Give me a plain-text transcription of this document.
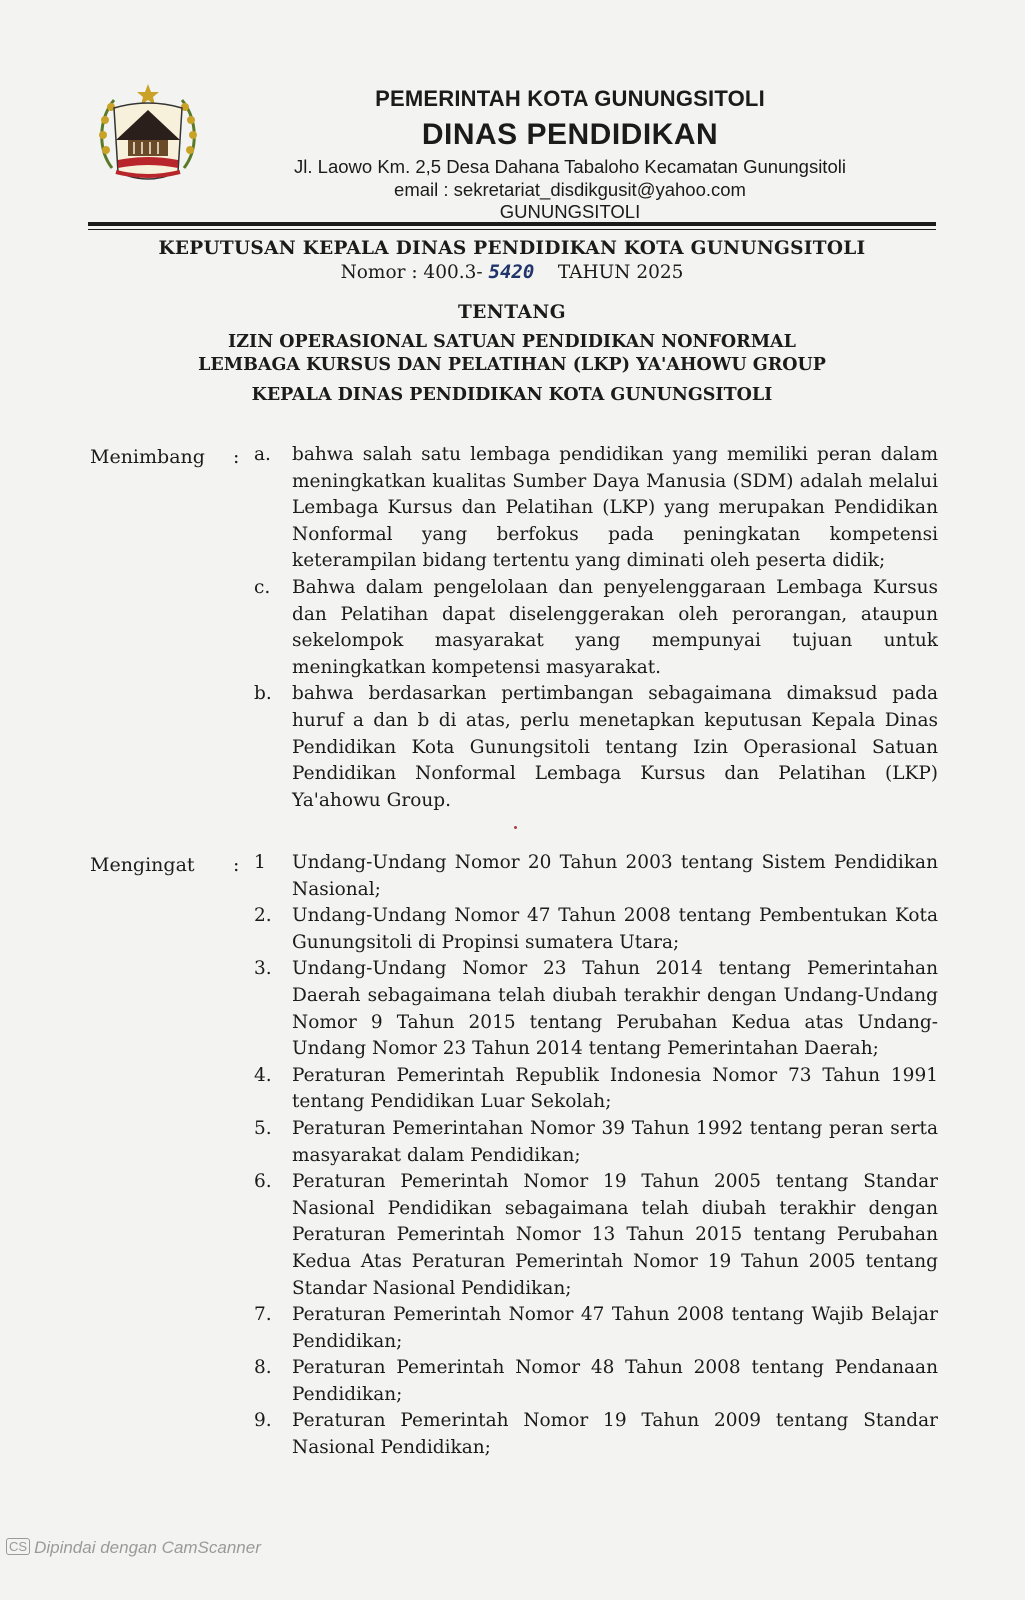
PEMERINTAH KOTA GUNUNGSITOLI
DINAS PENDIDIKAN
Jl. Laowo Km. 2,5 Desa Dahana Tabaloho Kecamatan Gunungsitoli
email : sekretariat_disdikgusit@yahoo.com
GUNUNGSITOLI
KEPUTUSAN KEPALA DINAS PENDIDIKAN KOTA GUNUNGSITOLI
Nomor : 400.3- 5420 TAHUN 2025
TENTANG
IZIN OPERASIONAL SATUAN PENDIDIKAN NONFORMAL
LEMBAGA KURSUS DAN PELATIHAN (LKP) YA'AHOWU GROUP
KEPALA DINAS PENDIDIKAN KOTA GUNUNGSITOLI
Menimbang : a.	bahwa salah satu lembaga pendidikan yang memiliki peran dalam meningkatkan kualitas Sumber Daya Manusia (SDM) adalah melalui Lembaga Kursus dan Pelatihan (LKP) yang merupakan Pendidikan Nonformal yang berfokus pada peningkatan kompetensi keterampilan bidang tertentu yang diminati oleh peserta didik;
c.	Bahwa dalam pengelolaan dan penyelenggaraan Lembaga Kursus dan Pelatihan dapat diselenggerakan oleh perorangan, ataupun sekelompok masyarakat yang mempunyai tujuan untuk meningkatkan kompetensi masyarakat.
b.	bahwa berdasarkan pertimbangan sebagaimana dimaksud pada huruf a dan b di atas, perlu menetapkan keputusan Kepala Dinas Pendidikan Kota Gunungsitoli tentang Izin Operasional Satuan Pendidikan Nonformal Lembaga Kursus dan Pelatihan (LKP) Ya'ahowu Group.
Mengingat : 1	Undang-Undang Nomor 20 Tahun 2003 tentang Sistem Pendidikan Nasional;
2.	Undang-Undang Nomor 47 Tahun 2008 tentang Pembentukan Kota Gunungsitoli di Propinsi sumatera Utara;
3.	Undang-Undang Nomor 23 Tahun 2014 tentang Pemerintahan Daerah sebagaimana telah diubah terakhir dengan Undang-Undang Nomor 9 Tahun 2015 tentang Perubahan Kedua atas Undang-Undang Nomor 23 Tahun 2014 tentang Pemerintahan Daerah;
4.	Peraturan Pemerintah Republik Indonesia Nomor 73 Tahun 1991 tentang Pendidikan Luar Sekolah;
5.	Peraturan Pemerintahan Nomor 39 Tahun 1992 tentang peran serta masyarakat dalam Pendidikan;
6.	Peraturan Pemerintah Nomor 19 Tahun 2005 tentang Standar Nasional Pendidikan sebagaimana telah diubah terakhir dengan Peraturan Pemerintah Nomor 13 Tahun 2015 tentang Perubahan Kedua Atas Peraturan Pemerintah Nomor 19 Tahun 2005 tentang Standar Nasional Pendidikan;
7.	Peraturan Pemerintah Nomor 47 Tahun 2008 tentang Wajib Belajar Pendidikan;
8.	Peraturan Pemerintah Nomor 48 Tahun 2008 tentang Pendanaan Pendidikan;
9.	Peraturan Pemerintah Nomor 19 Tahun 2009 tentang Standar Nasional Pendidikan;
CS Dipindai dengan CamScanner
